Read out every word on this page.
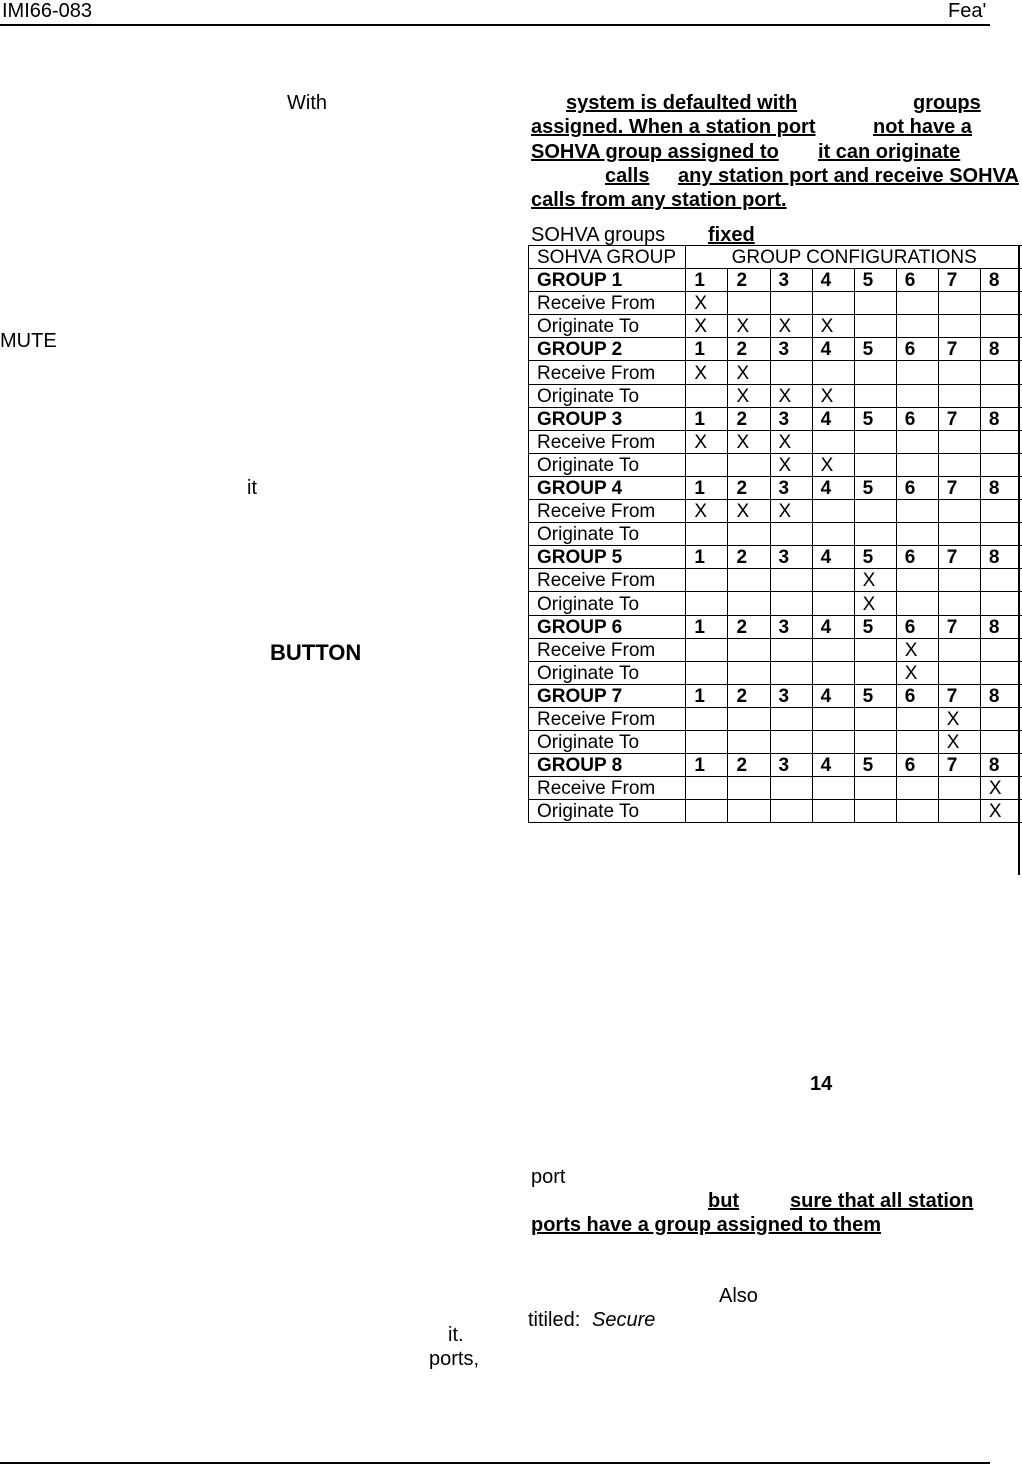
IMI66-083	Fea'
With
MUTE
it
BUTTON
it.
ports,
system is defaulted with	groups
assigned. When a station port	not have a
SOHVA group assigned to it can originate
calls any station port and receive SOHVA
calls from any station port.
SOHVA groups fixed
SOHVA GROUP	GROUP CONFIGURATIONS							
GROUP 1	1	2	3	4	5	6	7	8
Receive From	X							
Originate To	X	X	X	X				
GROUP 2	1	2	3	4	5	6	7	8
Receive From	X	X						
Originate To		X	X	X				
GROUP 3	1	2	3	4	5	6	7	8
Receive From	X	X	X					
Originate To			X	X				
GROUP 4	1	2	3	4	5	6	7	8
Receive From	X	X	X					
Originate To								
GROUP 5	1	2	3	4	5	6	7	8
Receive From					X			
Originate To					X			
GROUP 6	1	2	3	4	5	6	7	8
Receive From						X		
Originate To						X		
GROUP 7	1	2	3	4	5	6	7	8
Receive From							X	
Originate To							X	
GROUP 8	1	2	3	4	5	6	7	8
Receive From								X
Originate To								X
14
port
but	sure that all station
ports have a group assigned to them
Also
titiled: Secure
